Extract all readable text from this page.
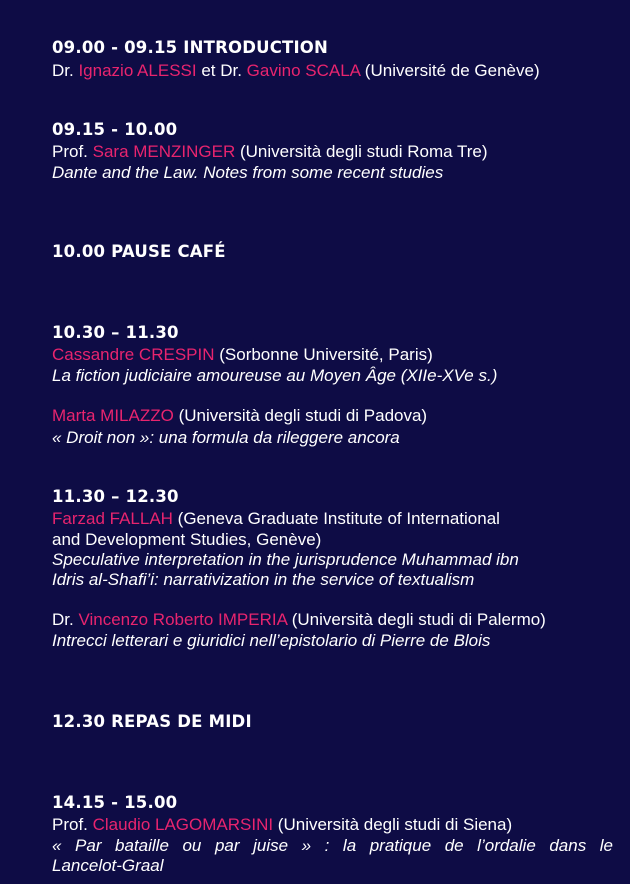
09.00 - 09.15 INTRODUCTION
Dr. Ignazio ALESSI et Dr. Gavino SCALA (Université de Genève)
09.15 - 10.00
Prof. Sara MENZINGER (Università degli studi Roma Tre)
Dante and the Law. Notes from some recent studies
10.00 PAUSE CAFÉ
10.30 – 11.30
Cassandre CRESPIN (Sorbonne Université, Paris)
La fiction judiciaire amoureuse au Moyen Âge (XIIe-XVe s.)
Marta MILAZZO (Università degli studi di Padova)
« Droit non »: una formula da rileggere ancora
11.30 – 12.30
Farzad FALLAH (Geneva Graduate Institute of International
and Development Studies, Genève)
Speculative interpretation in the jurisprudence Muhammad ibn
Idris al-Shafi’i: narrativization in the service of textualism
Dr. Vincenzo Roberto IMPERIA (Università degli studi di Palermo)
Intrecci letterari e giuridici nell’epistolario di Pierre de Blois
12.30 REPAS DE MIDI
14.15 - 15.00
Prof. Claudio LAGOMARSINI (Università degli studi di Siena)
« Par bataille ou par juise » : la pratique de l’ordalie dans le
Lancelot-Graal
